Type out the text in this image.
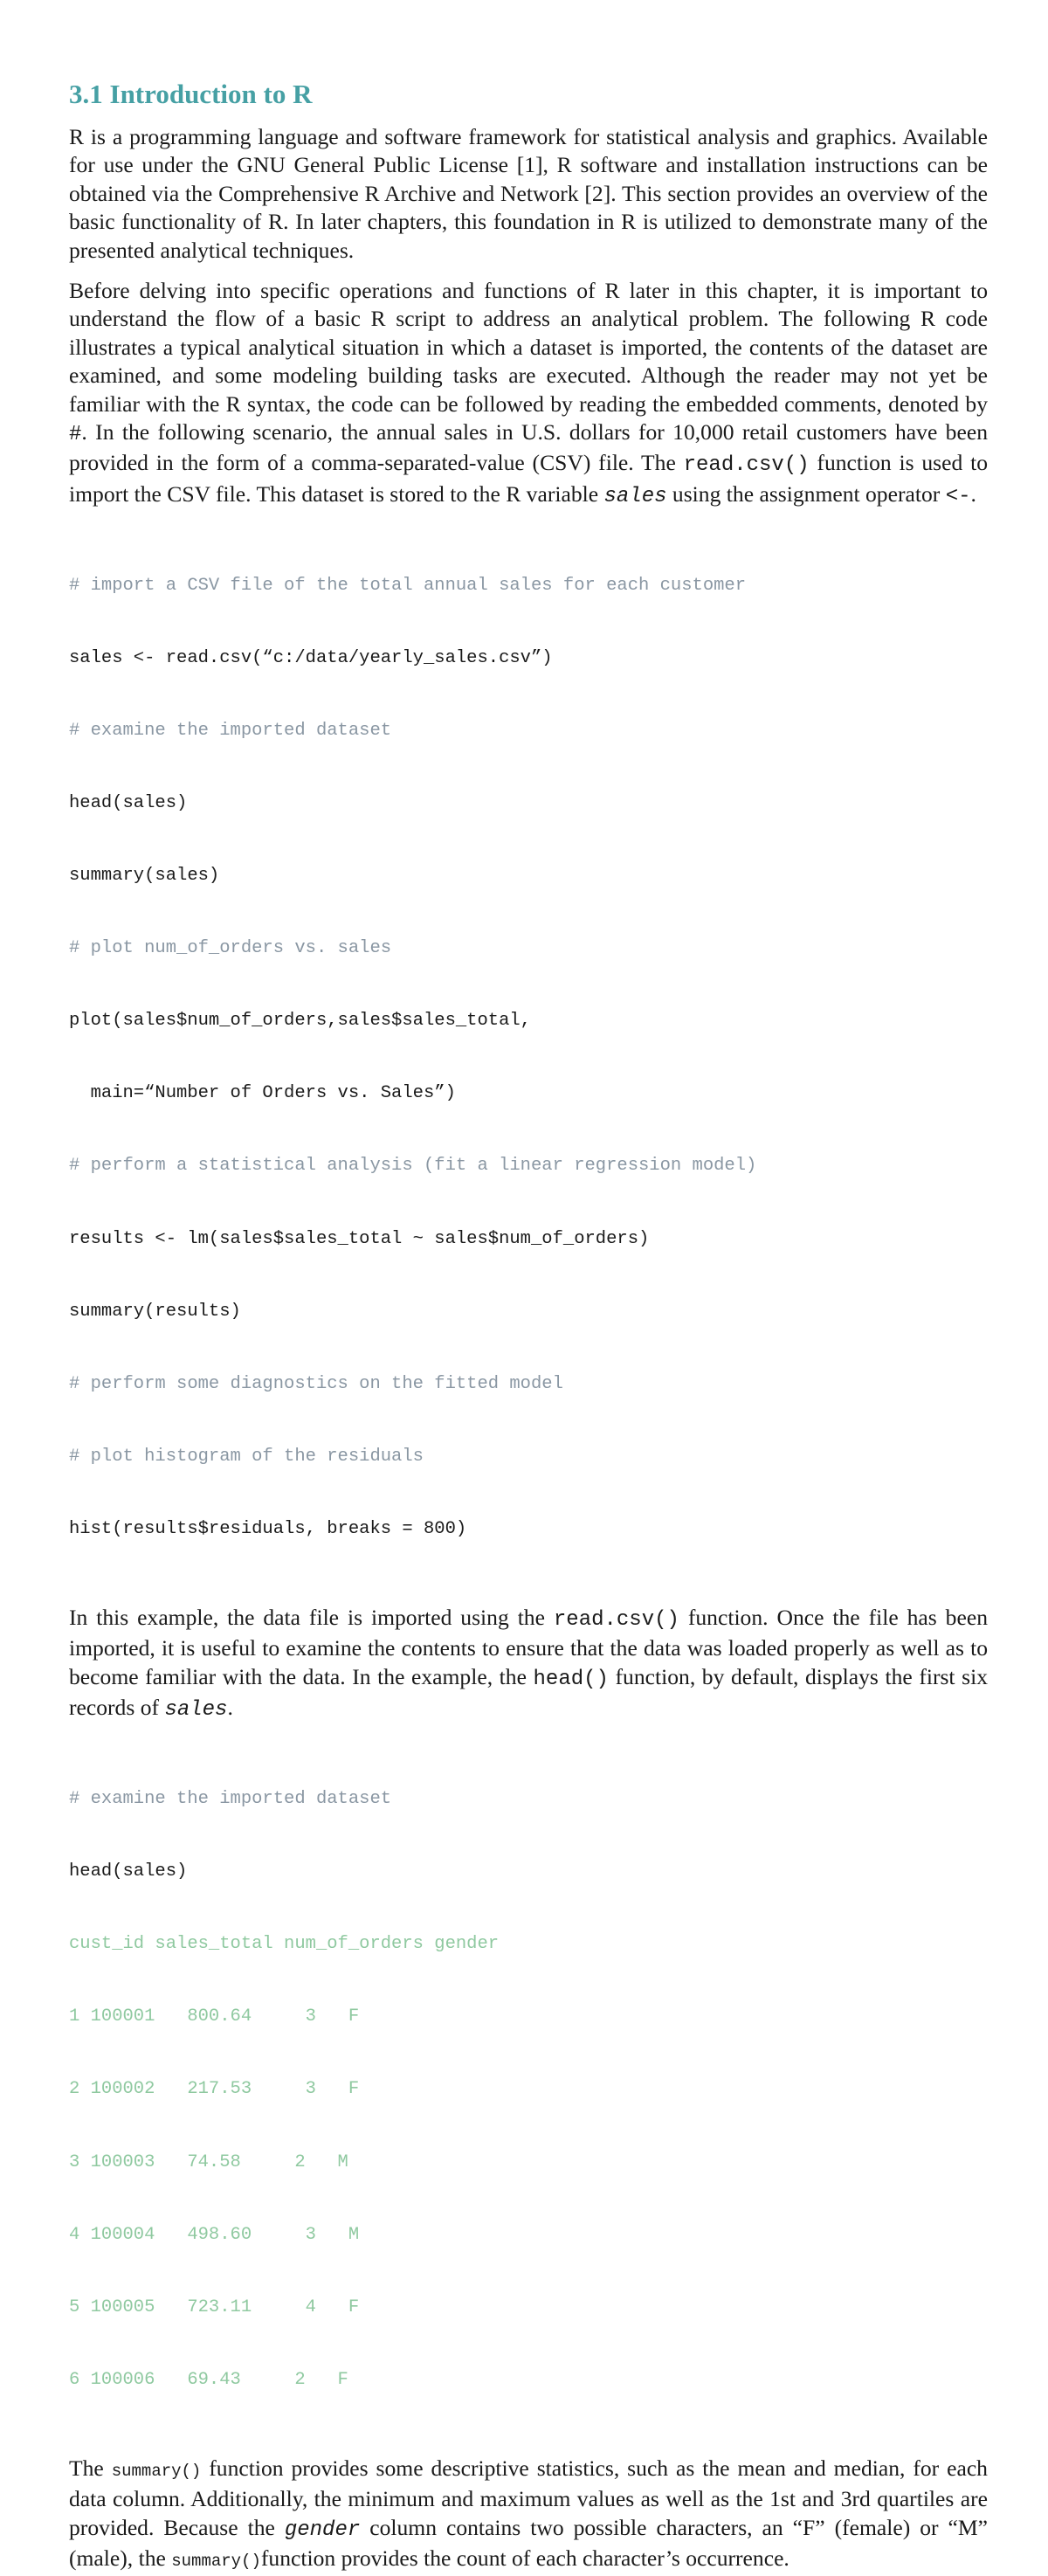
3.1 Introduction to R

R is a programming language and software framework for statistical analysis and graphics. Available for use under the GNU General Public License [1], R software and installation instructions can be obtained via the Comprehensive R Archive and Network [2]. This section provides an overview of the basic functionality of R. In later chapters, this foundation in R is utilized to demonstrate many of the presented analytical techniques.

Before delving into specific operations and functions of R later in this chapter, it is important to understand the flow of a basic R script to address an analytical problem. The following R code illustrates a typical analytical situation in which a dataset is imported, the contents of the dataset are examined, and some modeling building tasks are executed. Although the reader may not yet be familiar with the R syntax, the code can be followed by reading the embedded comments, denoted by #. In the following scenario, the annual sales in U.S. dollars for 10,000 retail customers have been provided in the form of a comma-separated-value (CSV) file. The read.csv() function is used to import the CSV file. This dataset is stored to the R variable sales using the assignment operator <-.

# import a CSV file of the total annual sales for each customer

sales <- read.csv(“c:/data/yearly_sales.csv”)

# examine the imported dataset

head(sales)

summary(sales)

# plot num_of_orders vs. sales

plot(sales$num_of_orders,sales$sales_total,

main=“Number of Orders vs. Sales”)

# perform a statistical analysis (fit a linear regression model)

results <- lm(sales$sales_total ~ sales$num_of_orders)

summary(results)

# perform some diagnostics on the fitted model

# plot histogram of the residuals

hist(results$residuals, breaks = 800)

In this example, the data file is imported using the read.csv() function. Once the file has been imported, it is useful to examine the contents to ensure that the data was loaded properly as well as to become familiar with the data. In the example, the head() function, by default, displays the first six records of sales.

# examine the imported dataset

head(sales)

cust_id sales_total num_of_orders gender

1 100001   800.64     3   F

2 100002   217.53     3   F

3 100003   74.58     2   M

4 100004   498.60     3   M

5 100005   723.11     4   F

6 100006   69.43     2   F

The summary() function provides some descriptive statistics, such as the mean and median, for each data column. Additionally, the minimum and maximum values as well as the 1st and 3rd quartiles are provided. Because the gender column contains two possible characters, an “F” (female) or “M” (male), the summary()function provides the count of each character’s occurrence.
